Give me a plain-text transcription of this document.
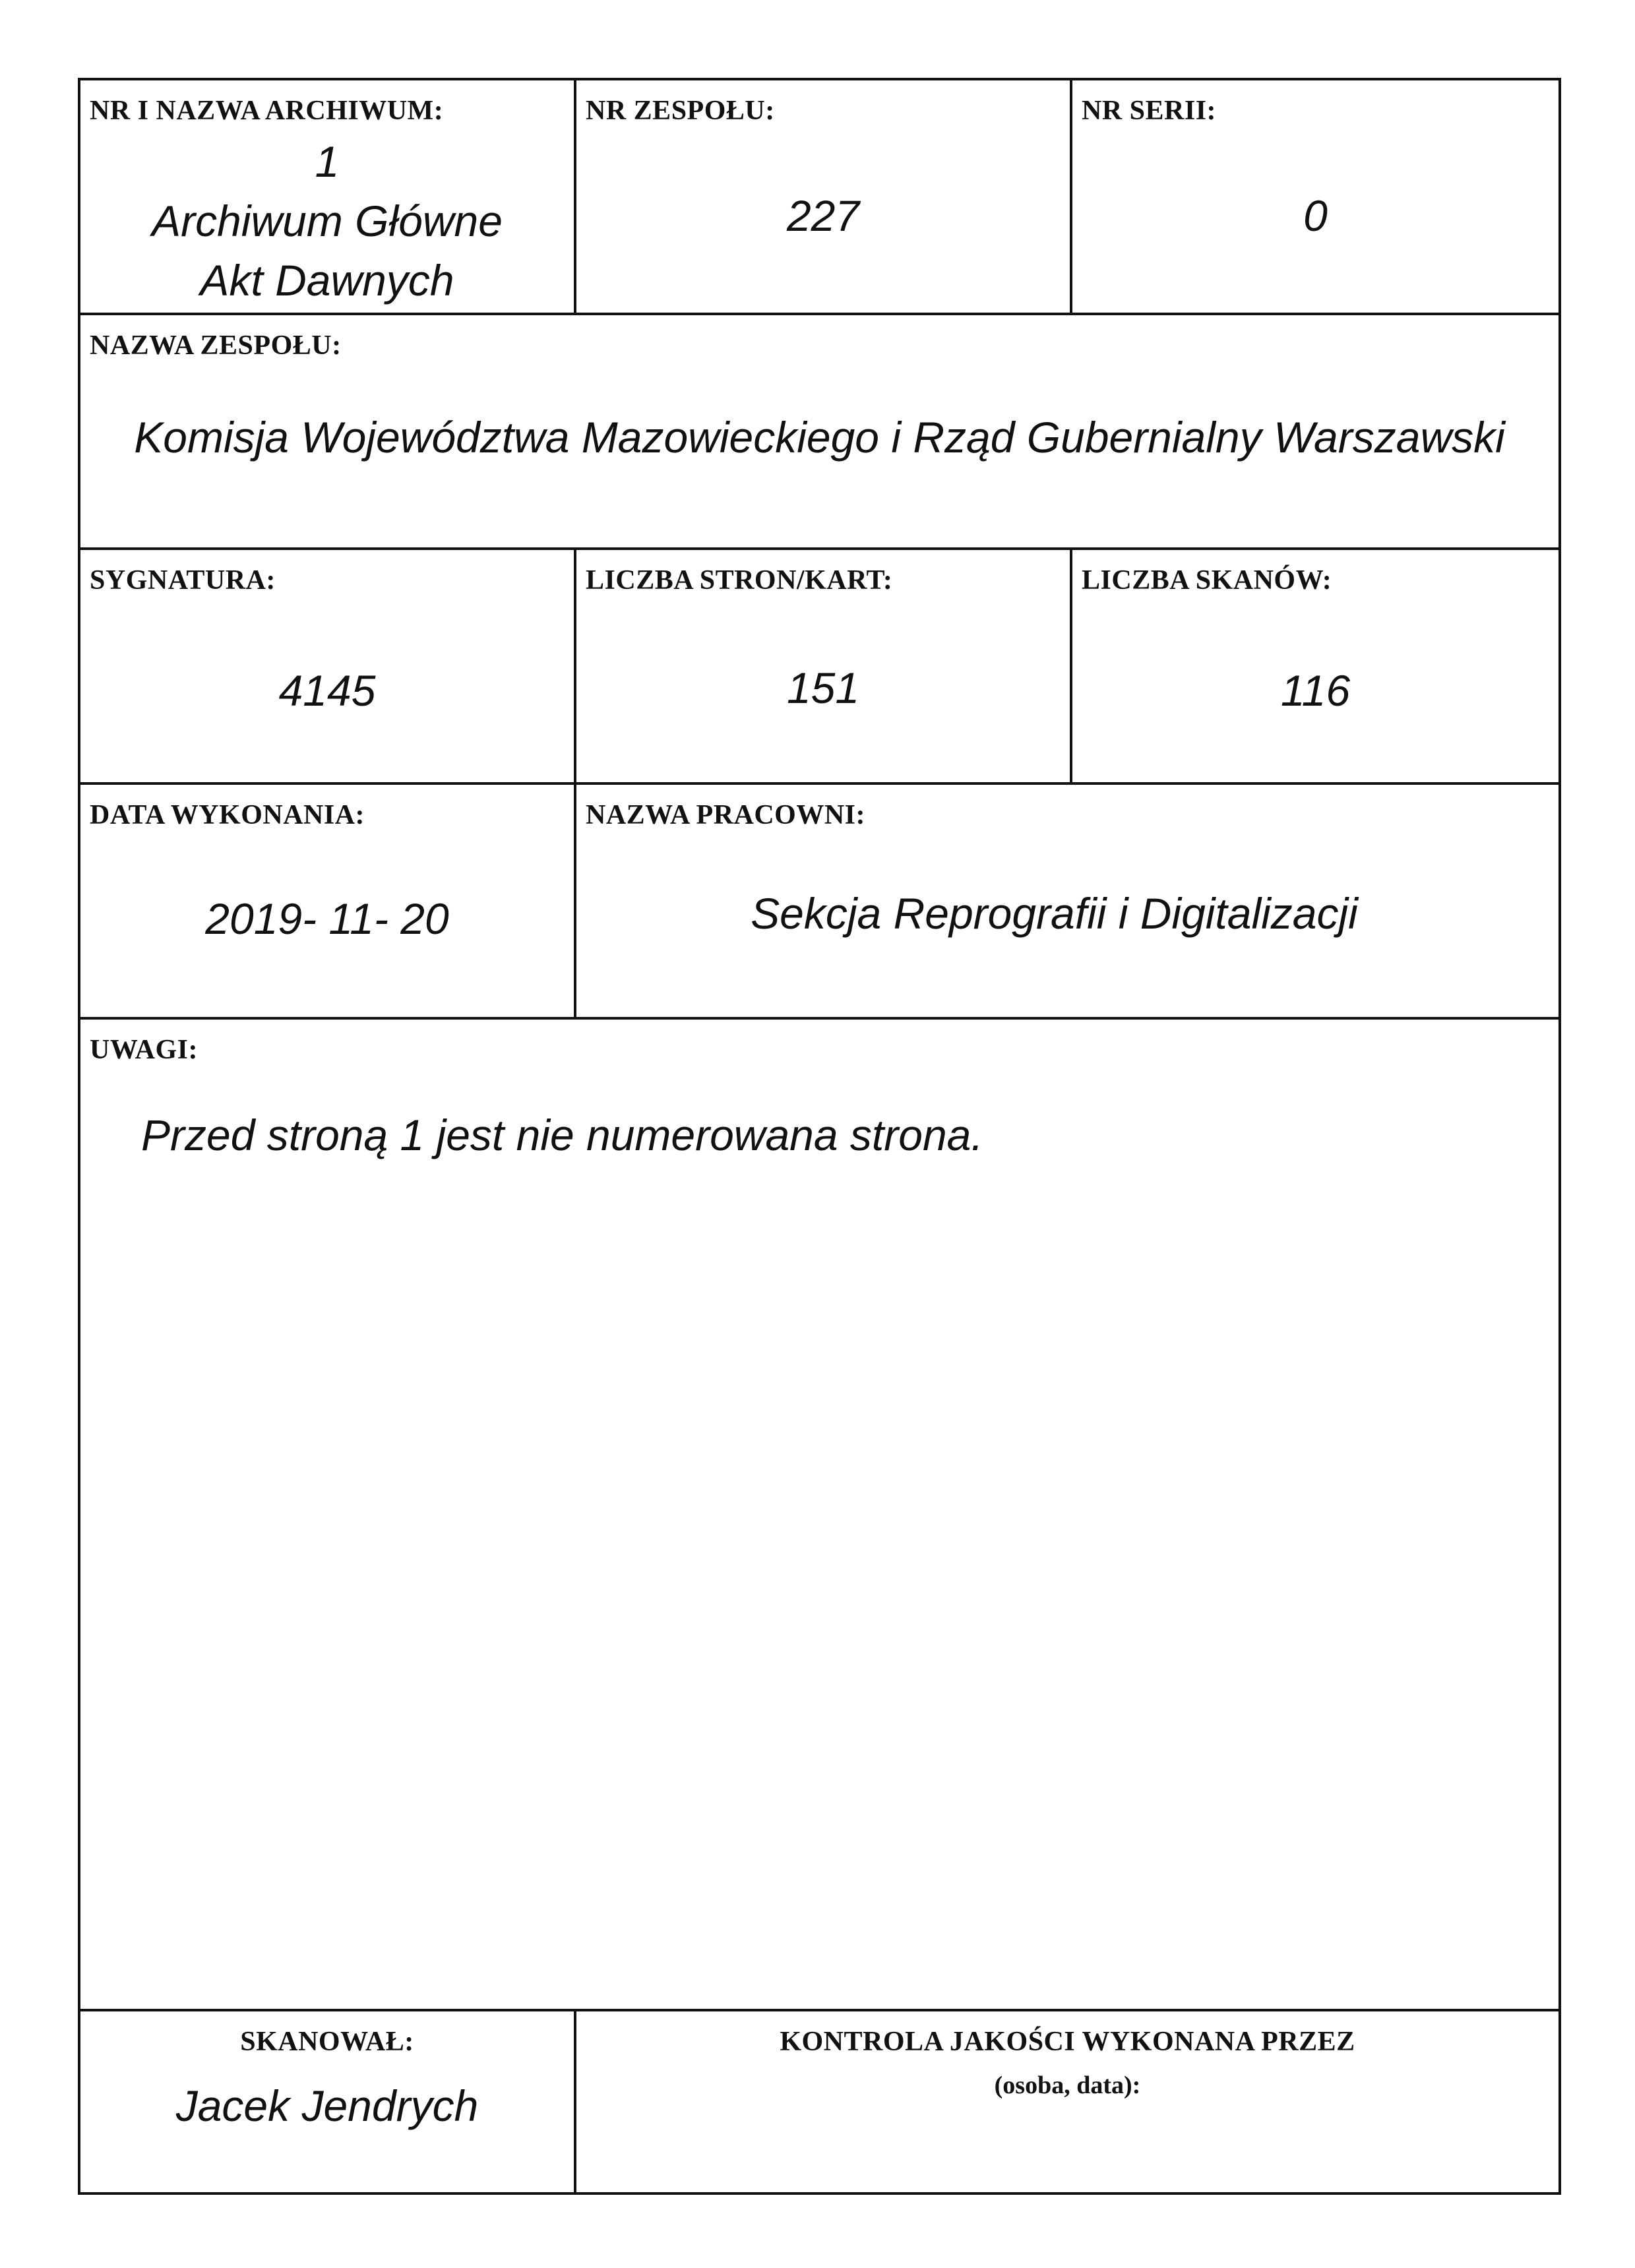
NR I NAZWA ARCHIWUM:
1
Archiwum Główne
Akt Dawnych
NR ZESPOŁU:
227
NR SERII:
0
NAZWA ZESPOŁU:
Komisja Województwa Mazowieckiego i Rząd Gubernialny Warszawski
SYGNATURA:
4145
LICZBA STRON/KART:
151
LICZBA SKANÓW:
116
DATA WYKONANIA:
2019- 11- 20
NAZWA PRACOWNI:
Sekcja Reprografii i Digitalizacji
UWAGI:
Przed stroną 1 jest nie numerowana strona.
SKANOWAŁ:
Jacek Jendrych
KONTROLA JAKOŚCI WYKONANA PRZEZ
(osoba, data):
